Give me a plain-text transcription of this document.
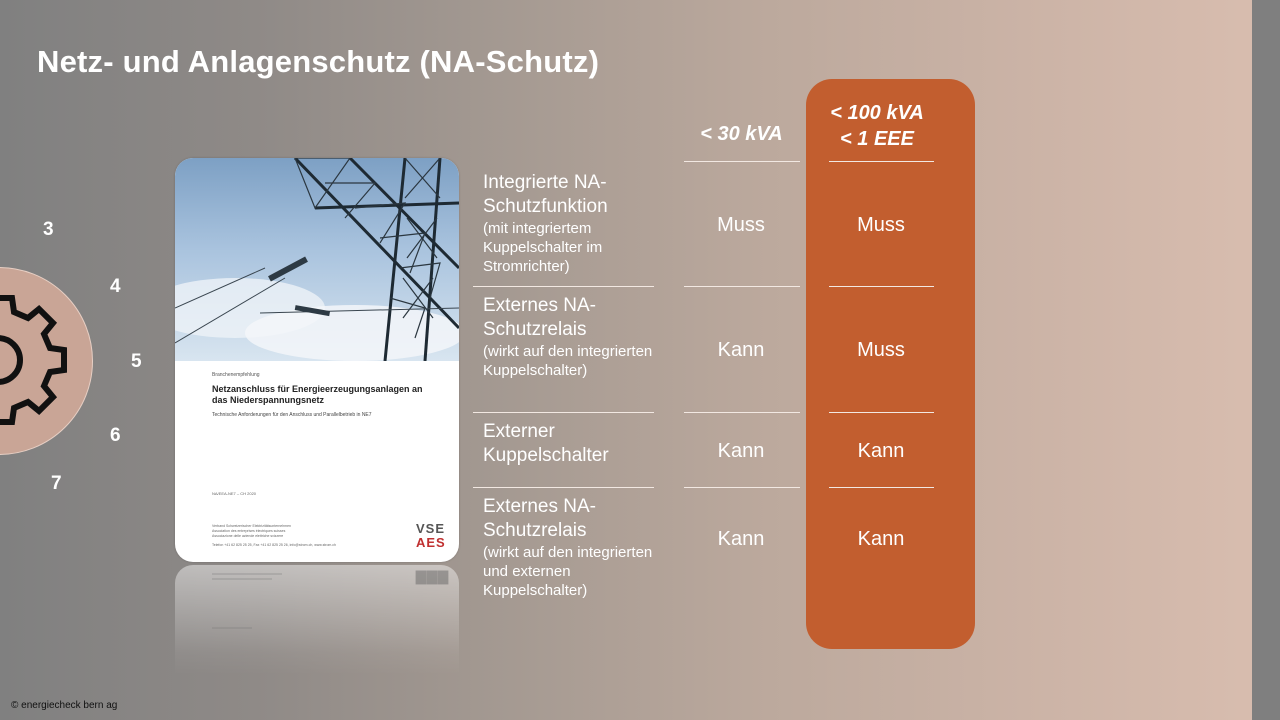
Netz- und Anlagenschutz (NA-Schutz)
3
4
5
6
7
Branchenempfehlung
Netzanschluss für Energieerzeugungsanlagen an das Niederspannungsnetz
Technische Anforderungen für den Anschluss und Parallelbetrieb in NE7
NA/EEA-NE7 – CH 2020
Verband Schweizerischer Elektrizitätsunternehmen
Association des entreprises électriques suisses
Associazione delle aziende elettriche svizzere
Telefon +41 62 825 25 25, Fax +41 62 825 25 26, info@strom.ch, www.strom.ch
VSE
AES
▇▇▇
< 30 kVA
< 100 kVA
< 1 EEE
Integrierte NA-Schutzfunktion
(mit integriertem Kuppelschalter im Stromrichter)
Muss	Muss
Externes NA-Schutzrelais
(wirkt auf den integrierten Kuppelschalter)
Kann	Muss
Externer Kuppelschalter	Kann	Kann
Externes NA-Schutzrelais
(wirkt auf den integrierten und externen Kuppelschalter)
Kann	Kann
© energiecheck bern ag
